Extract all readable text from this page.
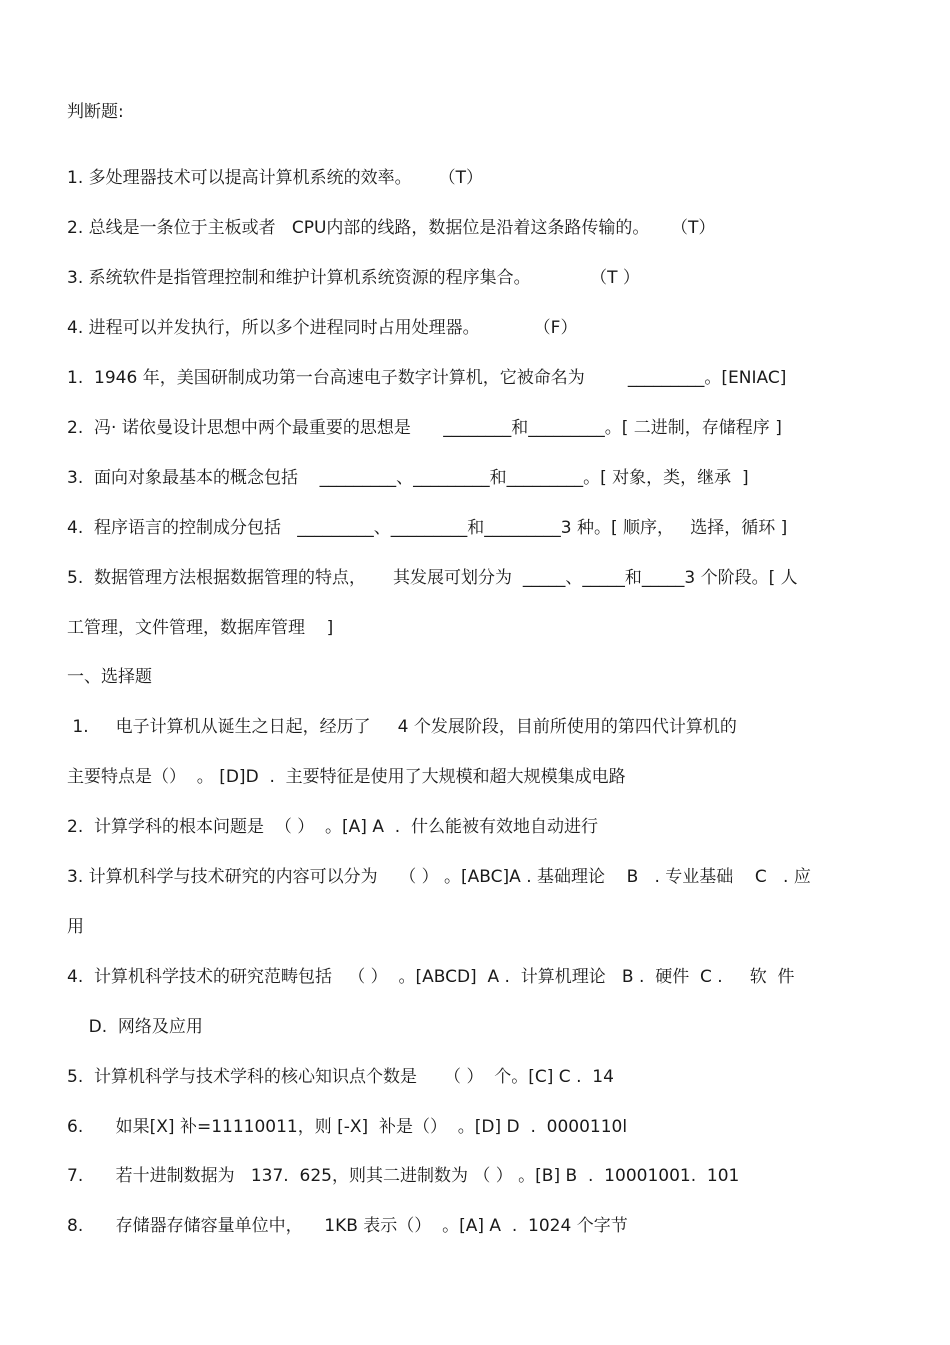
判断题:
1. 多处理器技术可以提高计算机系统的效率。     （T）
2. 总线是一条位于主板或者   CPU内部的线路，数据位是沿着这条路传输的。    （T）
3. 系统软件是指管理控制和维护计算机系统资源的程序集合。           （T ）
4. 进程可以并发执行，所以多个进程同时占用处理器。          （F）
1.  1946 年，美国研制成功第一台高速电子数字计算机，它被命名为        _________。[ENIAC]
2.  冯· 诺依曼设计思想中两个最重要的思想是      ________和_________。[ 二进制，存储程序 ]
3.  面向对象最基本的概念包括    _________、_________和_________。[ 对象，类，继承  ]
4.  程序语言的控制成分包括   _________、_________和_________3 种。[ 顺序，   选择，循环 ]
5.  数据管理方法根据数据管理的特点，     其发展可划分为  _____、_____和_____3 个阶段。[ 人
工管理，文件管理，数据库管理    ]
一、选择题
1.     电子计算机从诞生之日起，经历了     4 个发展阶段，目前所使用的第四代计算机的
主要特点是（）  。 [D]D  .  主要特征是使用了大规模和超大规模集成电路
2.  计算学科的根本问题是  （ ）  。[A] A  .  什么能被有效地自动进行
3. 计算机科学与技术研究的内容可以分为    （ ） 。[ABC]A . 基础理论    B   . 专业基础    C   . 应
用
4.  计算机科学技术的研究范畴包括   （ ）  。[ABCD]  A .  计算机理论   B .  硬件  C .     软  件
D.  网络及应用
5.  计算机科学与技术学科的核心知识点个数是     （ ）  个。[C] C .  14
6.      如果[X] 补=11110011，则 [-X]  补是（）  。[D] D  .  0000110l
7.      若十进制数据为   137.  625，则其二进制数为 （ ） 。[B] B  .  10001001.  101
8.      存储器存储容量单位中，    1KB 表示（）  。[A] A  .  1024 个字节
